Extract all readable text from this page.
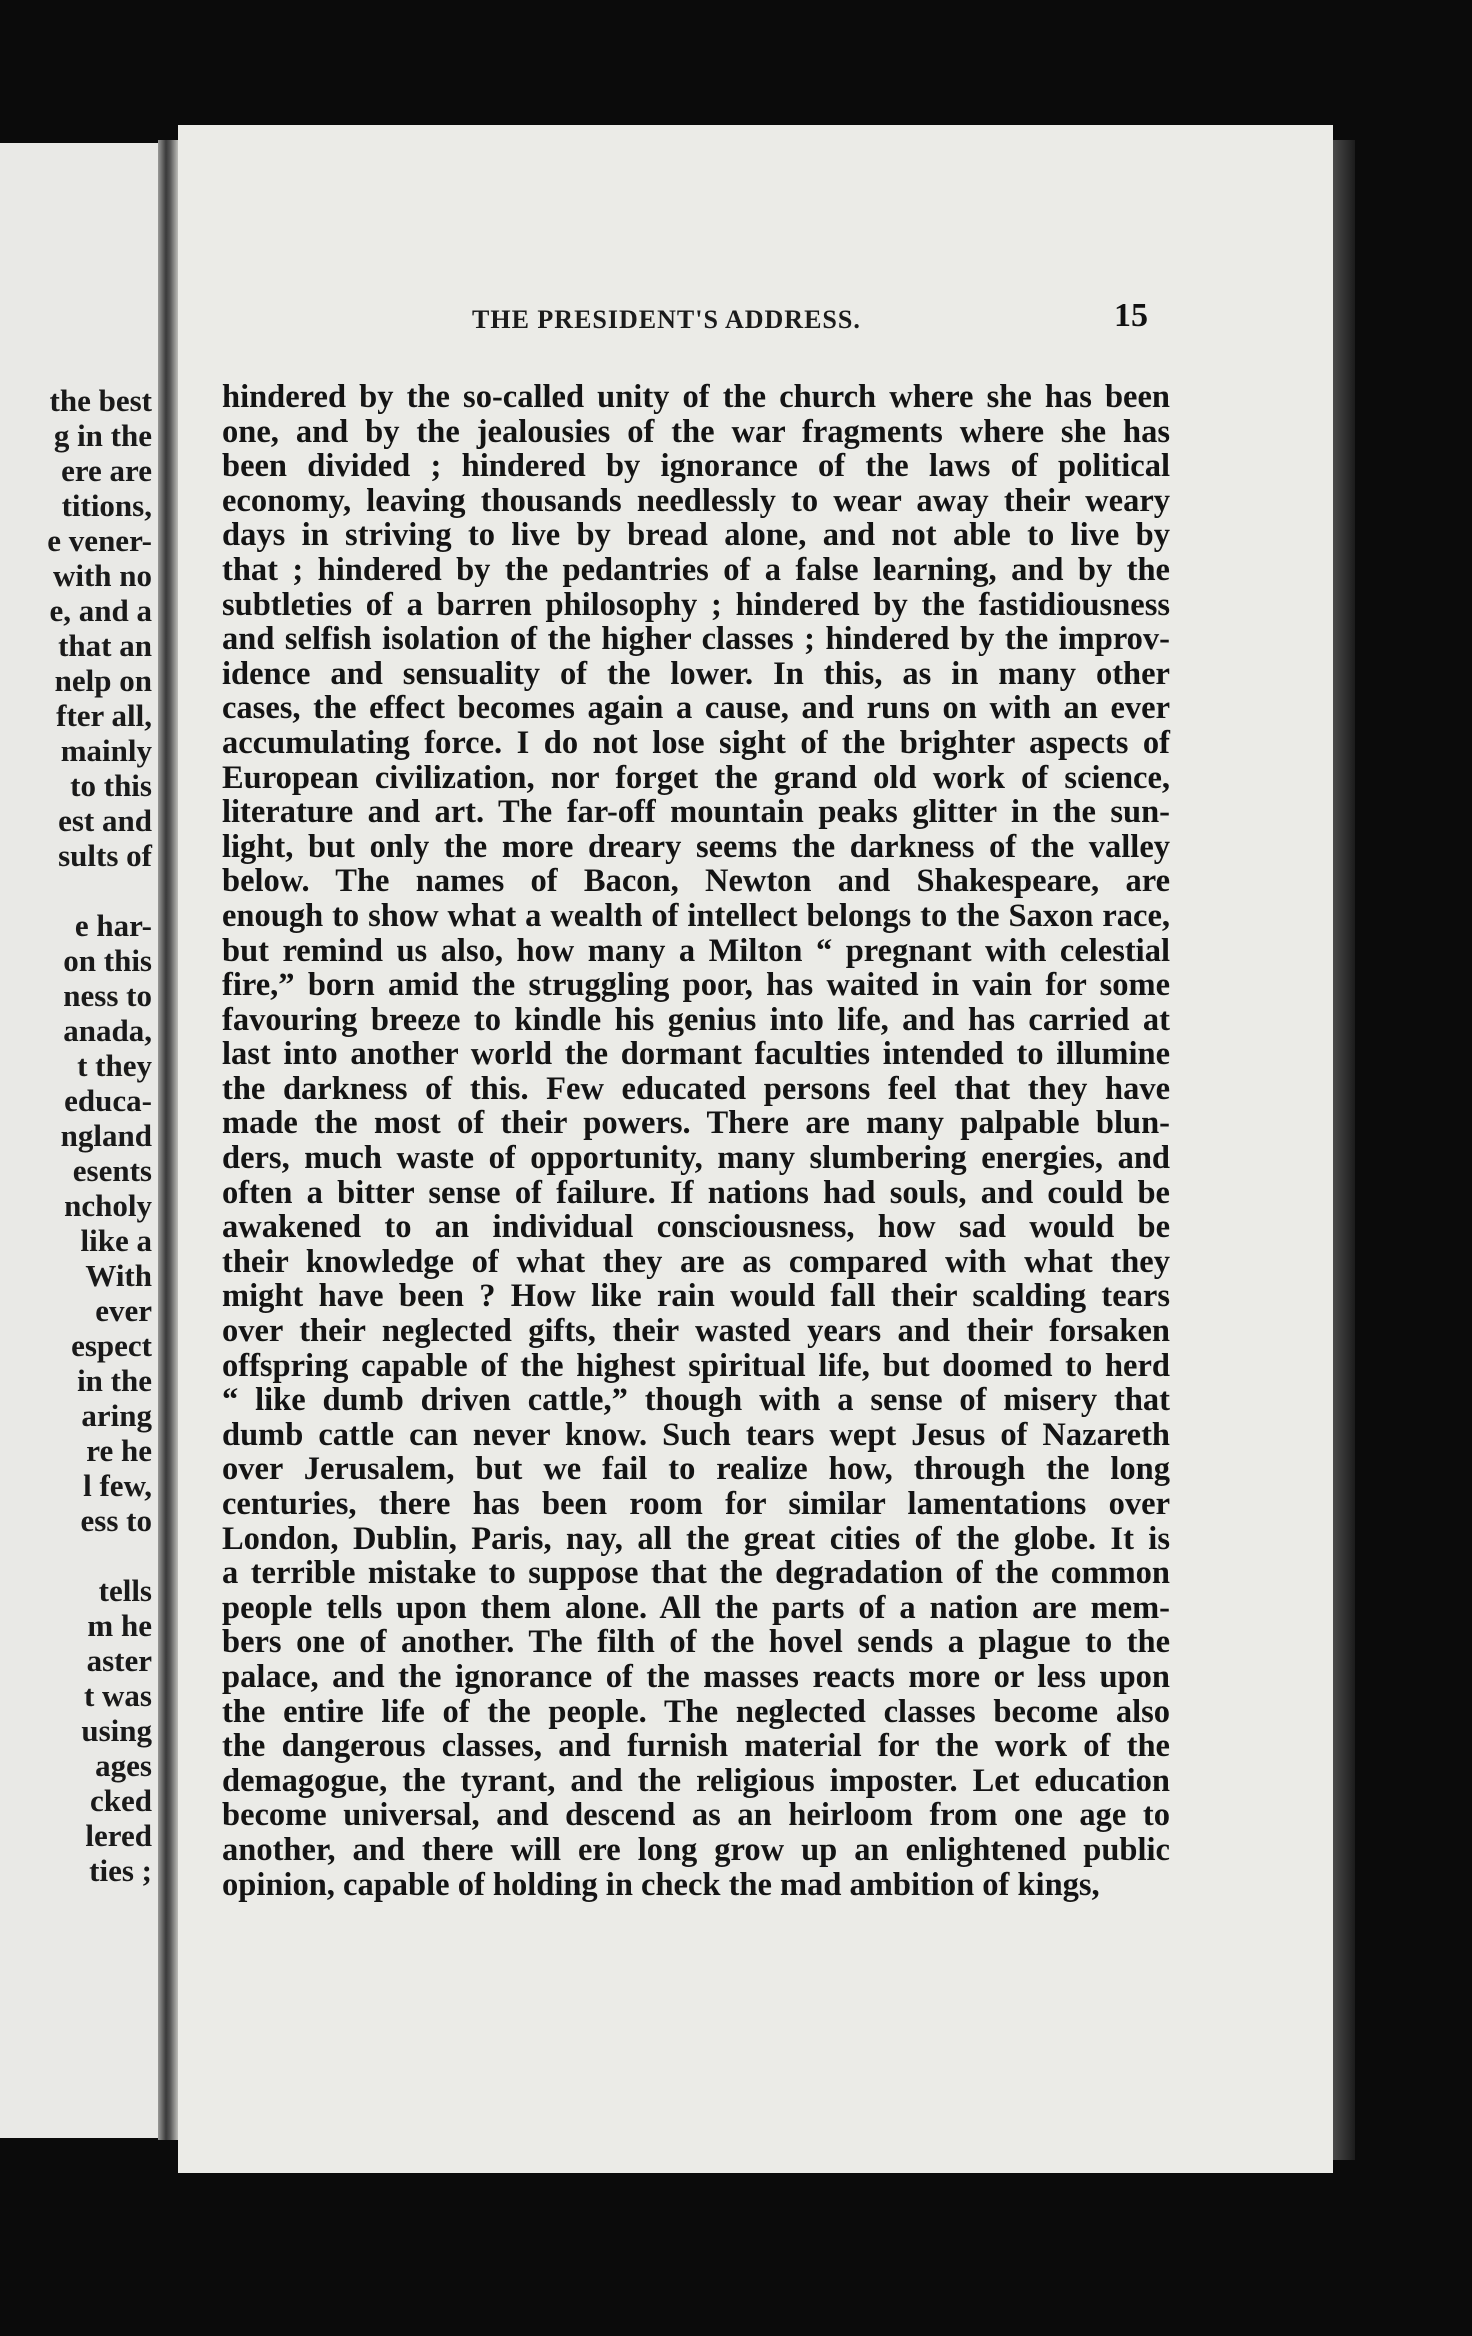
the best
g in the
ere are
titions,
e vener-
with no
e, and a
that an
nelp on
fter all,
mainly
to this
est and
sults of
e har-
on this
ness to
anada,
t they
educa-
ngland
esents
ncholy
like a
With
ever
espect
in the
aring
re he
l few,
ess to
tells
m he
aster
t was
using
ages
cked
lered
ties ;
THE PRESIDENT'S ADDRESS.	15
hindered by the so-called unity of the church where she has been
one, and by the jealousies of the war fragments where she has
been divided ; hindered by ignorance of the laws of political
economy, leaving thousands needlessly to wear away their weary
days in striving to live by bread alone, and not able to live by
that ; hindered by the pedantries of a false learning, and by the
subtleties of a barren philosophy ; hindered by the fastidiousness
and selfish isolation of the higher classes ; hindered by the improv-
idence and sensuality of the lower. In this, as in many other
cases, the effect becomes again a cause, and runs on with an ever
accumulating force. I do not lose sight of the brighter aspects of
European civilization, nor forget the grand old work of science,
literature and art. The far-off mountain peaks glitter in the sun-
light, but only the more dreary seems the darkness of the valley
below. The names of Bacon, Newton and Shakespeare, are
enough to show what a wealth of intellect belongs to the Saxon race,
but remind us also, how many a Milton “ pregnant with celestial
fire,” born amid the struggling poor, has waited in vain for some
favouring breeze to kindle his genius into life, and has carried at
last into another world the dormant faculties intended to illumine
the darkness of this. Few educated persons feel that they have
made the most of their powers. There are many palpable blun-
ders, much waste of opportunity, many slumbering energies, and
often a bitter sense of failure. If nations had souls, and could be
awakened to an individual consciousness, how sad would be
their knowledge of what they are as compared with what they
might have been ? How like rain would fall their scalding tears
over their neglected gifts, their wasted years and their forsaken
offspring capable of the highest spiritual life, but doomed to herd
“ like dumb driven cattle,” though with a sense of misery that
dumb cattle can never know. Such tears wept Jesus of Nazareth
over Jerusalem, but we fail to realize how, through the long
centuries, there has been room for similar lamentations over
London, Dublin, Paris, nay, all the great cities of the globe. It is
a terrible mistake to suppose that the degradation of the common
people tells upon them alone. All the parts of a nation are mem-
bers one of another. The filth of the hovel sends a plague to the
palace, and the ignorance of the masses reacts more or less upon
the entire life of the people. The neglected classes become also
the dangerous classes, and furnish material for the work of the
demagogue, the tyrant, and the religious imposter. Let education
become universal, and descend as an heirloom from one age to
another, and there will ere long grow up an enlightened public
opinion, capable of holding in check the mad ambition of kings,
